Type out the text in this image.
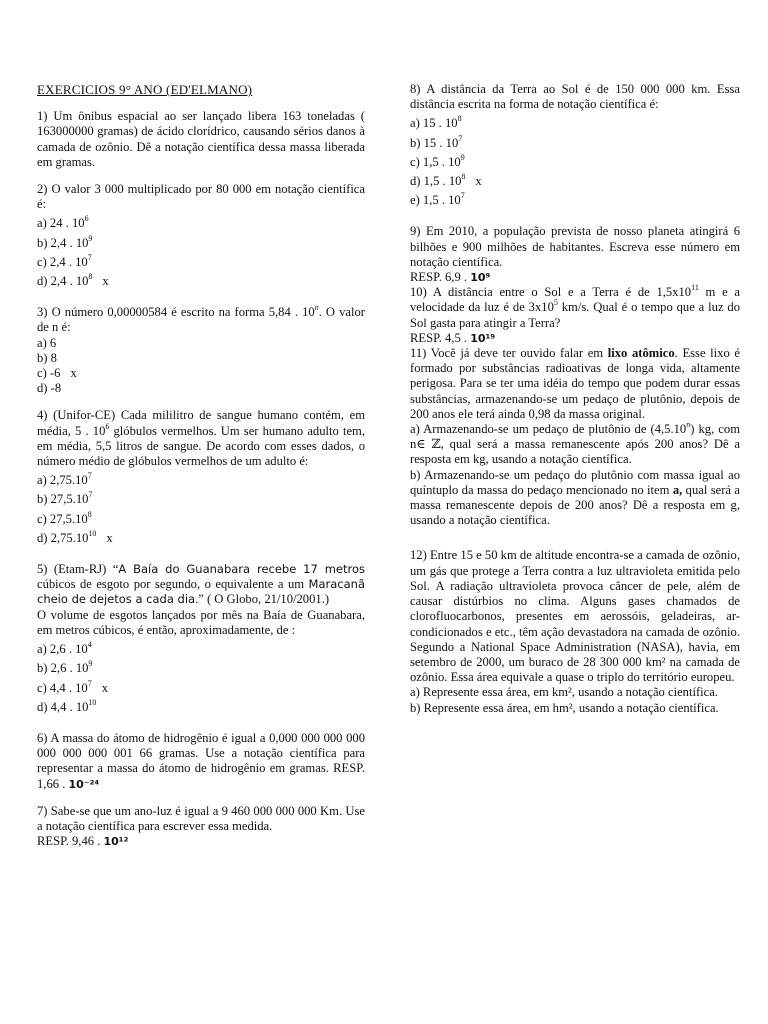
EXERCICIOS 9° ANO (ED'ELMANO)

1) Um ônibus espacial ao ser lançado libera 163 toneladas ( 163000000 gramas) de ácido clorídrico, causando sérios danos à camada de ozônio. Dê a notação científica dessa massa liberada em gramas.

2) O valor 3 000 multiplicado por 80 000 em notação científica é:

a) 24 . $10^6$

b) 2,4 . $10^9$

c) 2,4 . $10^7$

d) 2,4 . $10^8$ x

3) O número 0,00000584 é escrito na forma 5,84 . 10$^n$. O valor de n é:

a) 6

b) 8

c) -6 x

d) -8

4) (Unifor-CE) Cada mililitro de sangue humano contém, em média, 5 . $10^6$ glóbulos vermelhos. Um ser humano adulto tem, em média, 5,5 litros de sangue. De acordo com esses dados, o número médio de glóbulos vermelhos de um adulto é:

a) 2,75.10$^7$

b) 27,5.10$^7$

c) 27,5.10$^8$

d) 2,75.10$^{10}$ x

5) (Etam-RJ) “A Baía do Guanabara recebe 17 metros cúbicos de esgoto por segundo, o equivalente a um Maracanã cheio de dejetos a cada dia.” ( O Globo, 21/10/2001.)

O volume de esgotos lançados por mês na Baía de Guanabara, em metros cúbicos, é então, aproximadamente, de :

a) 2,6 . $10^4$

b) 2,6 . $10^9$

c) 4,4 . $10^7$ x

d) 4,4 . $10^{10}$

6) A massa do átomo de hidrogênio é igual a 0,000 000 000 000 000 000 000 001 66 gramas. Use a notação científica para representar a massa do átomo de hidrogênio em gramas. RESP. 1,66 . 10⁻²⁴

7) Sabe-se que um ano-luz é igual a 9 460 000 000 000 Km. Use a notação científica para escrever essa medida.

RESP. 9,46 . 10¹²

8) A distância da Terra ao Sol é de 150 000 000 km. Essa distância escrita na forma de notação científica é:

a) 15 . $10^8$

b) 15 . $10^7$

c) 1,5 . $10^9$

d) 1,5 . $10^8$ x

e) 1,5 . $10^7$

9) Em 2010, a população prevista de nosso planeta atingirá 6 bilhões e 900 milhões de habitantes. Escreva esse número em notação científica.

RESP. 6,9 . 10⁹

10) A distância entre o Sol e a Terra é de $1,5x10^{11}$ m e a velocidade da luz é de $3x10^5$ km/s. Qual é o tempo que a luz do Sol gasta para atingir a Terra?

RESP. 4,5 . 10¹⁹

11) Você já deve ter ouvido falar em lixo atômico. Esse lixo é formado por substâncias radioativas de longa vida, altamente perigosa. Para se ter uma idéia do tempo que podem durar essas substâncias, armazenando-se um pedaço de plutônio, depois de 200 anos ele terá ainda 0,98 da massa original.

a) Armazenando-se um pedaço de plutônio de (4,5.10$^n$) kg, com n∈ ℤ, qual será a massa remanescente após 200 anos? Dê a resposta em kg, usando a notação científica.

b) Armazenando-se um pedaço do plutônio com massa igual ao quíntuplo da massa do pedaço mencionado no item a, qual será a massa remanescente depois de 200 anos? Dê a resposta em g, usando a notação científica.

12) Entre 15 e 50 km de altitude encontra-se a camada de ozônio, um gás que protege a Terra contra a luz ultravioleta emitida pelo Sol. A radiação ultravioleta provoca câncer de pele, além de causar distúrbios no clima. Alguns gases chamados de clorofluocarbonos, presentes em aerossóis, geladeiras, ar-condicionados e etc., têm ação devastadora na camada de ozônio. Segundo a National Space Administration (NASA), havia, em setembro de 2000, um buraco de 28 300 000 km² na camada de ozônio. Essa área equivale a quase o triplo do território europeu.

a) Represente essa área, em km², usando a notação científica.

b) Represente essa área, em hm², usando a notação científica.
